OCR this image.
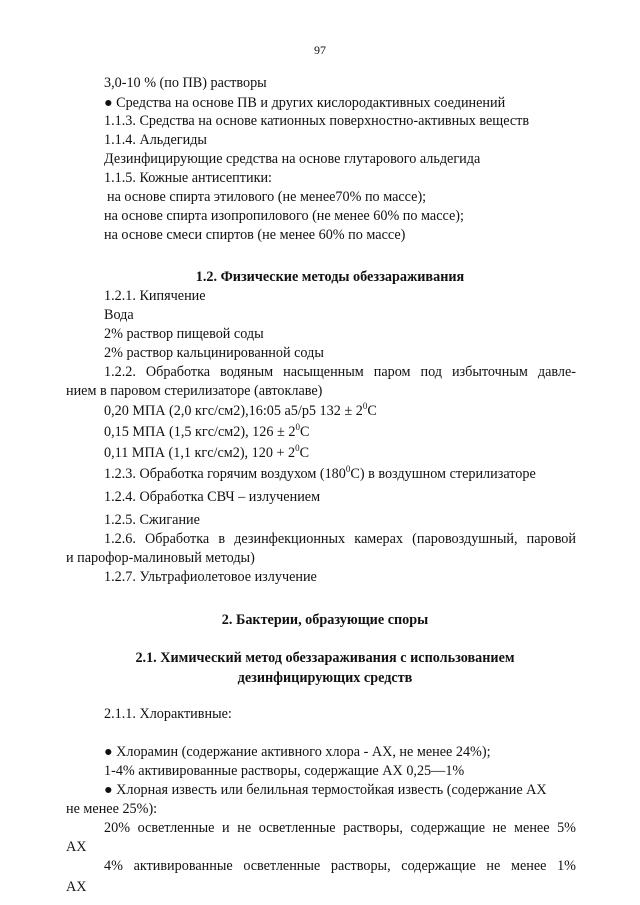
97
3,0-10 % (по ПВ) растворы
● Средства на основе ПВ и других кислородактивных соединений
1.1.3. Средства на основе катионных поверхностно-активных веществ
1.1.4. Альдегиды
Дезинфицирующие средства на основе глутарового альдегида
1.1.5. Кожные антисептики:
на основе спирта этилового (не менее70% по массе);
на основе спирта изопропилового (не менее 60% по массе);
на основе смеси спиртов (не менее 60% по массе)
1.2. Физические методы обеззараживания
1.2.1. Кипячение
Вода
2% раствор пищевой соды
2% раствор кальцинированной соды
1.2.2. Обработка водяным насыщенным паром под избыточным давле-
нием в паровом стерилизаторе (автоклаве)
0,20 МПА (2,0 кгс/см2),16:05 а5/р5 $132 \pm 2^0С$
0,15 МПА (1,5 кгс/см2), $126 \pm 2^0С$
0,11 МПА (1,1 кгс/см2), $120 + 2^0С$
1.2.3. Обработка горячим воздухом $(180^0С)$ в воздушном стерилизаторе
1.2.4. Обработка СВЧ – излучением
1.2.5. Сжигание
1.2.6. Обработка в дезинфекционных камерах (паровоздушный, паровой
и парофор-малиновый методы)
1.2.7. Ультрафиолетовое излучение
2. Бактерии, образующие споры
2.1. Химический метод обеззараживания с использованием
дезинфицирующих средств
2.1.1. Хлорактивные:
● Хлорамин (содержание активного хлора - АХ, не менее 24%);
1-4% активированные растворы, содержащие АХ 0,25—1%
● Хлорная известь или белильная термостойкая известь (содержание АХ
не менее 25%):
20% осветленные и не осветленные растворы, содержащие не менее 5%
АХ
4% активированные осветленные растворы, содержащие не менее 1%
АХ
